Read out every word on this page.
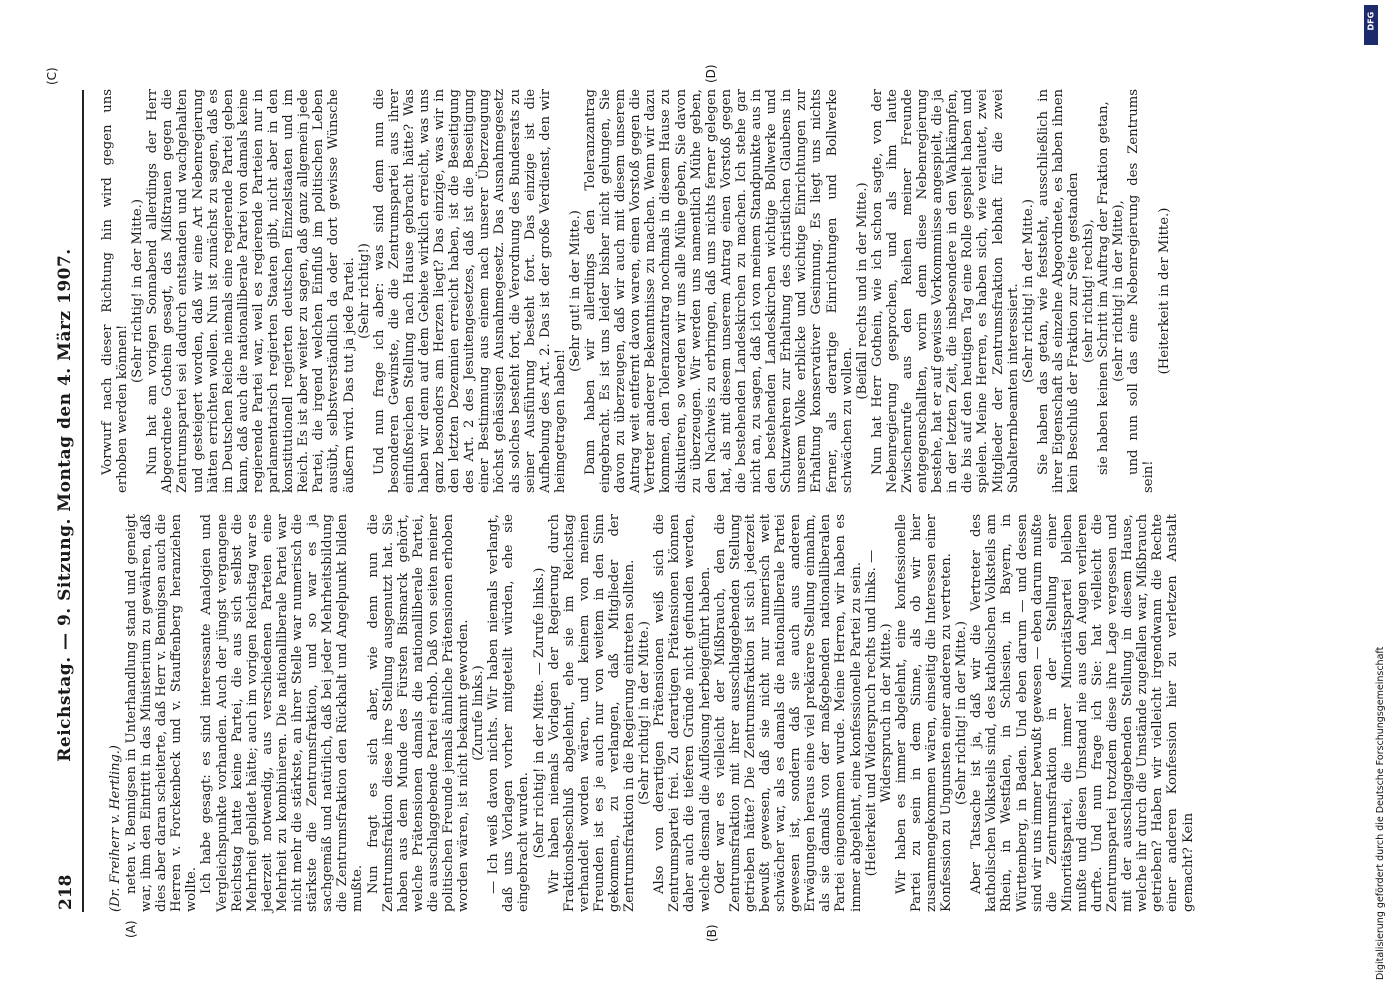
218
Reichstag. — 9. Sitzung. Montag den 4. März 1907.
(Dr. Freiherr v. Hertling.)
(A)	(B)
(C)	(D)

neten v. Bennigsen in Unterhandlung stand und geneigt war, ihm den Eintritt in das Ministerium zu gewähren, daß dies aber daran scheiterte, daß Herr v. Bennigsen auch die Herren v. Forckenbeck und v. Stauffenberg heranziehen wollte. Ich habe gesagt: es sind interessante Analogien und Vergleichspunkte vorhanden. Auch der jüngst vergangene Reichstag hatte keine Partei, die aus sich selbst die Mehrheit gebildet hätte; auch im vorigen Reichstag war es jederzeit notwendig, aus verschiedenen Parteien eine Mehrheit zu kombinieren. Die nationalliberale Partei war nicht mehr die stärkste, an ihrer Stelle war numerisch die stärkste die Zentrumsfraktion, und so war es ja sachgemäß und natürlich, daß bei jeder Mehrheitsbildung die Zentrumsfraktion den Rückhalt und Angelpunkt bilden mußte. Nun fragt es sich aber, wie denn nun die Zentrumsfraktion diese ihre Stellung ausgenutzt hat. Sie haben aus dem Munde des Fürsten Bismarck gehört, welche Prätensionen damals die nationalliberale Partei, die ausschlaggebende Partei erhob. Daß von seiten meiner politischen Freunde jemals ähnliche Prätensionen erhoben worden wären, ist nicht bekannt geworden. (Zurufe links.) — Ich weiß davon nichts. Wir haben niemals verlangt, daß uns Vorlagen vorher mitgeteilt würden, ehe sie eingebracht wurden. (Sehr richtig! in der Mitte. — Zurufe links.) Wir haben niemals Vorlagen der Regierung durch Fraktionsbeschluß abgelehnt, ehe sie im Reichstag verhandelt worden wären, und keinem von meinen Freunden ist es je auch nur von weitem in den Sinn gekommen, zu verlangen, daß Mitglieder der Zentrumsfraktion in die Regierung eintreten sollten. (Sehr richtig! in der Mitte.) Also von derartigen Prätensionen weiß sich die Zentrumspartei frei. Zu derartigen Prätensionen können daher auch die tieferen Gründe nicht gefunden werden, welche diesmal die Auflösung herbeigeführt haben. Oder war es vielleicht der Mißbrauch, den die Zentrumsfraktion mit ihrer ausschlaggebenden Stellung getrieben hätte? Die Zentrumsfraktion ist sich jederzeit bewußt gewesen, daß sie nicht nur numerisch weit schwächer war, als es damals die nationalliberale Partei gewesen ist, sondern daß sie auch aus anderen Erwägungen heraus eine viel prekärere Stellung einnahm, als sie damals von der maßgebenden nationalliberalen Partei eingenommen wurde. Meine Herren, wir haben es immer abgelehnt, eine konfessionelle Partei zu sein. (Heiterkeit und Widerspruch rechts und links. — Widerspruch in der Mitte.) Wir haben es immer abgelehnt, eine konfessionelle Partei zu sein in dem Sinne, als ob wir hier zusammengekommen wären, einseitig die Interessen einer Konfession zu Ungunsten einer anderen zu vertreten. (Sehr richtig! in der Mitte.) Aber Tatsache ist ja, daß wir die Vertreter des katholischen Volksteils sind, des katholischen Volksteils am Rhein, in Westfalen, in Schlesien, in Bayern, in Württemberg, in Baden. Und eben darum — und dessen sind wir uns immer bewußt gewesen — eben darum mußte die Zentrumsfraktion in der Stellung einer Minoritätspartei, die immer Minoritätspartei bleiben mußte und diesen Umstand nie aus den Augen verlieren durfte. Und nun frage ich Sie: hat vielleicht die Zentrumspartei trotzdem diese ihre Lage vergessen und mit der ausschlaggebenden Stellung in diesem Hause, welche ihr durch die Umstände zugefallen war, Mißbrauch getrieben? Haben wir vielleicht irgendwann die Rechte einer anderen Konfession hier zu verletzen Anstalt gemacht? Kein

Vorwurf nach dieser Richtung hin wird gegen uns erhoben werden können!

(Sehr richtig! in der Mitte.) Nun hat am vorigen Sonnabend allerdings der Herr Abgeordnete Gothein gesagt, das Mißtrauen gegen die Zentrumspartei sei dadurch entstanden und wachgehalten und gesteigert worden, daß wir eine Art Nebenregierung hätten errichten wollen. Nun ist zunächst zu sagen, daß es im Deutschen Reiche niemals eine regierende Partei geben kann, daß auch die nationalliberale Partei von damals keine regierende Partei war, weil es regierende Parteien nur in parlamentarisch regierten Staaten gibt, nicht aber in den konstitutionell regierten deutschen Einzelstaaten und im Reich. Es ist aber weiter zu sagen, daß ganz allgemein jede Partei, die irgend welchen Einfluß im politischen Leben ausübt, selbstverständlich da oder dort gewisse Wünsche äußern wird. Das tut ja jede Partei. (Sehr richtig!) Und nun frage ich aber: was sind denn nun die besonderen Gewinste, die die Zentrumspartei aus ihrer einflußreichen Stellung nach Hause gebracht hätte? Was haben wir denn auf dem Gebiete wirklich erreicht, was uns ganz besonders am Herzen liegt? Das einzige, was wir in den letzten Dezennien erreicht haben, ist die Beseitigung des Art. 2 des Jesuitengesetzes, daß ist die Beseitigung einer Bestimmung aus einem nach unserer Überzeugung höchst gehässigen Ausnahmegesetz. Das Ausnahmegesetz als solches besteht fort, die Verordnung des Bundesrats zu seiner Ausführung besteht fort. Das einzige ist die Aufhebung des Art. 2. Das ist der große Verdienst, den wir heimgetragen haben!

(Sehr gut! in der Mitte.) Dann haben wir allerdings den Toleranzantrag eingebracht. Es ist uns leider bisher nicht gelungen, Sie davon zu überzeugen, daß wir auch mit diesem unserem Antrag weit entfernt davon waren, einen Vorstoß gegen die Vertreter anderer Bekenntnisse zu machen. Wenn wir dazu kommen, den Toleranzantrag nochmals in diesem Hause zu diskutieren, so werden wir uns alle Mühe geben, Sie davon zu überzeugen. Wir werden uns namentlich Mühe geben, den Nachweis zu erbringen, daß uns nichts ferner gelegen hat, als mit diesem unserem Antrag einen Vorstoß gegen die bestehenden Landeskirchen zu machen. Ich stehe gar nicht an, zu sagen, daß ich von meinem Standpunkte aus in den bestehenden Landeskirchen wichtige Bollwerke und Schutzwehren zur Erhaltung des christlichen Glaubens in unserem Volke erblicke und wichtige Einrichtungen zur Erhaltung konservativer Gesinnung. Es liegt uns nichts ferner, als derartige Einrichtungen und Bollwerke schwächen zu wollen.

(Beifall rechts und in der Mitte.) Nun hat Herr Gothein, wie ich schon sagte, von der Nebenregierung gesprochen, und als ihm laute Zwischenrufe aus den Reihen meiner Freunde entgegenschallten, worin denn diese Nebenregierung bestehe, hat er auf gewisse Vorkommnisse angespielt, die ja in der letzten Zeit, die insbesondere in den Wahlkämpfen, die bis auf den heutigen Tag eine Rolle gespielt haben und spielen. Meine Herren, es haben sich, wie verlautet, zwei Mitglieder der Zentrumsfraktion lebhaft für die zwei Subalternbeamten interessiert. (Sehr richtig! in der Mitte.) Sie haben das getan, wie feststeht, ausschließlich in ihrer Eigenschaft als einzelne Abgeordnete, es haben ihnen kein Beschluß der Fraktion zur Seite gestanden (sehr richtig! rechts), sie haben keinen Schritt im Auftrag der Fraktion getan, (sehr richtig! in der Mitte), und nun soll das eine Nebenregierung des Zentrums sein!

(Heiterkeit in der Mitte.)

DFG
Digitalisierung gefördert durch die Deutsche Forschungsgemeinschaft
